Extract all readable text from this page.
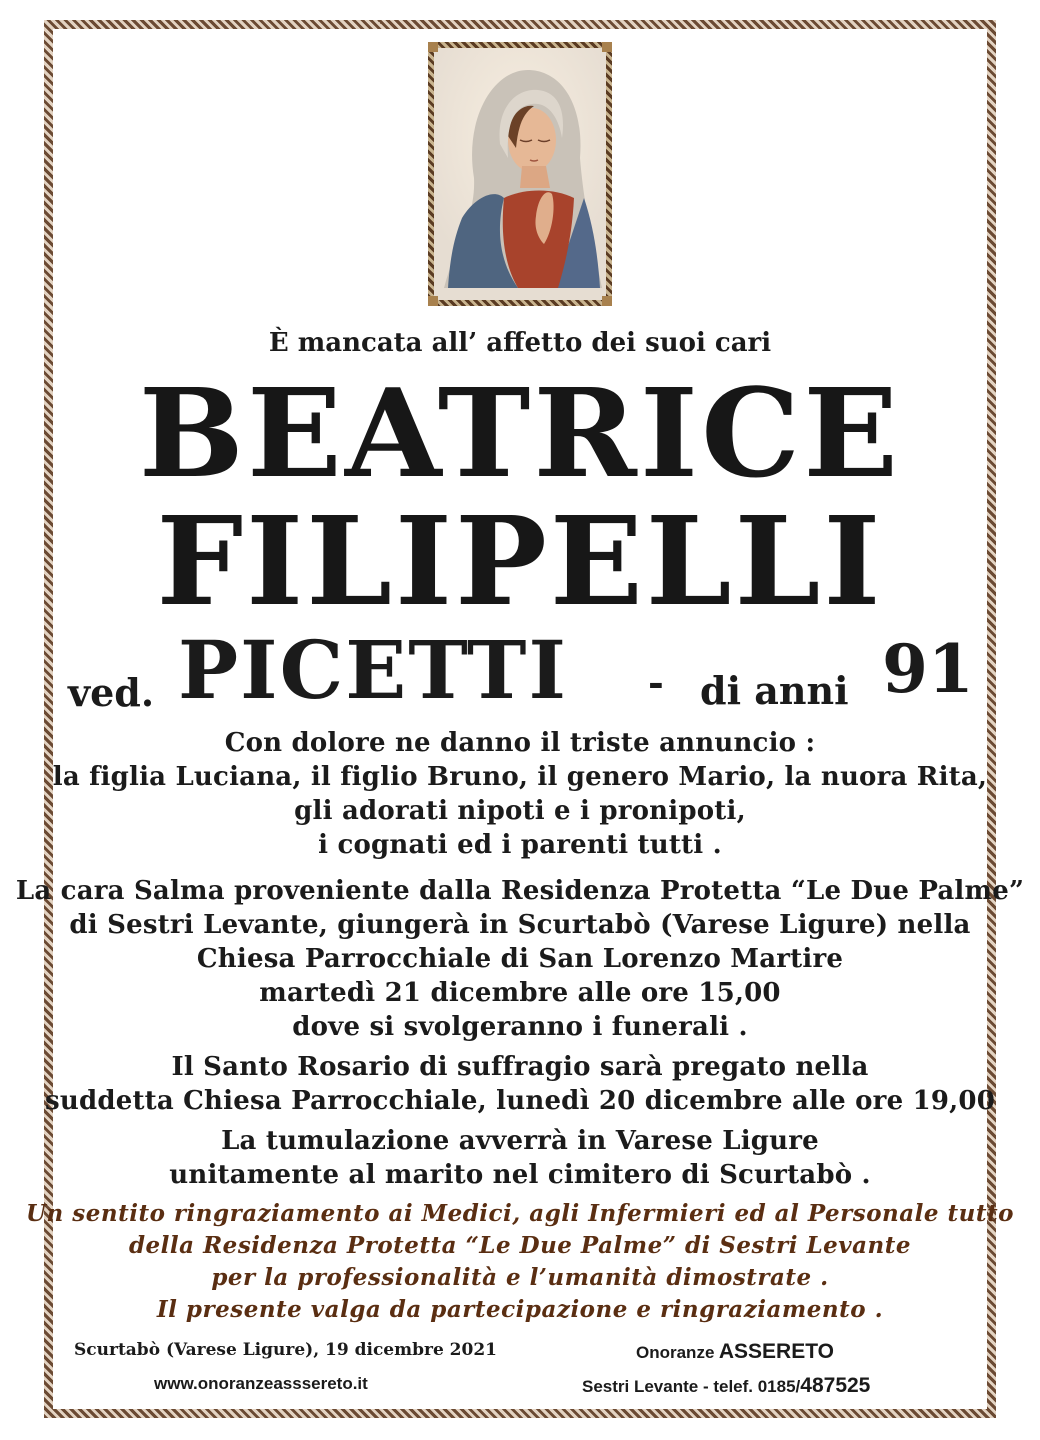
È mancata all’ affetto dei suoi cari
BEATRICE
FILIPELLI
ved. PICETTI - di anni 91
Con dolore ne danno il triste annuncio :
la figlia Luciana, il figlio Bruno, il genero Mario, la nuora Rita,
gli adorati nipoti e i pronipoti,
i cognati ed i parenti tutti .
La cara Salma proveniente dalla Residenza Protetta “Le Due Palme”
di Sestri Levante, giungerà in Scurtabò (Varese Ligure) nella
Chiesa Parrocchiale di San Lorenzo Martire
martedì 21 dicembre alle ore 15,00
dove si svolgeranno i funerali .
Il Santo Rosario di suffragio sarà pregato nella
suddetta Chiesa Parrocchiale, lunedì 20 dicembre alle ore 19,00
La tumulazione avverrà in Varese Ligure
unitamente al marito nel cimitero di Scurtabò .
Un sentito ringraziamento ai Medici, agli Infermieri ed al Personale tutto
della Residenza Protetta “Le Due Palme” di Sestri Levante
per la professionalità e l’umanità dimostrate .
Il presente valga da partecipazione e ringraziamento .
Scurtabò (Varese Ligure), 19 dicembre 2021
www.onoranzeasssereto.it
Onoranze ASSERETO
Sestri Levante - telef. 0185/487525
